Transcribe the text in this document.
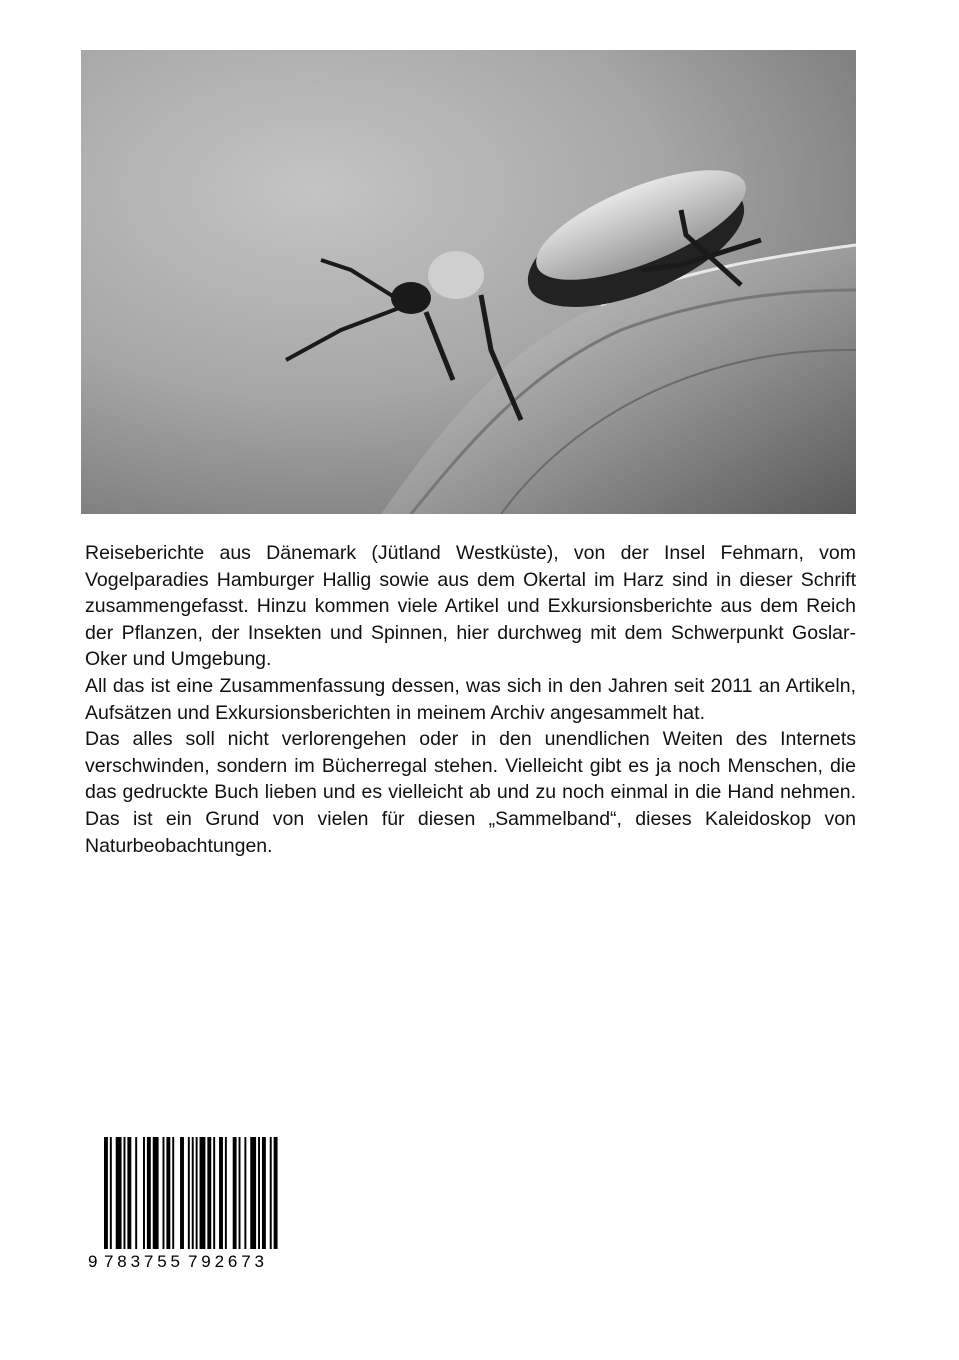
Reiseberichte aus Dänemark (Jütland Westküste), von der Insel Fehmarn, vom Vogelparadies Hamburger Hallig sowie aus dem Okertal im Harz sind in dieser Schrift zusammengefasst. Hinzu kommen viele Artikel und Exkursionsberichte aus dem Reich der Pflanzen, der Insekten und Spinnen, hier durchweg mit dem Schwerpunkt Goslar-Oker und Umgebung.

All das ist eine Zusammenfassung dessen, was sich in den Jahren seit 2011 an Artikeln, Aufsätzen und Exkursionsberichten in meinem Archiv angesammelt hat.

Das alles soll nicht verlorengehen oder in den unendlichen Weiten des Internets verschwinden, sondern im Bücherregal stehen. Vielleicht gibt es ja noch Menschen, die das gedruckte Buch lieben und es vielleicht ab und zu noch einmal in die Hand nehmen. Das ist ein Grund von vielen für diesen „Sammelband“, dieses Kaleidoskop von Naturbeobachtungen.

9 783755 792673
